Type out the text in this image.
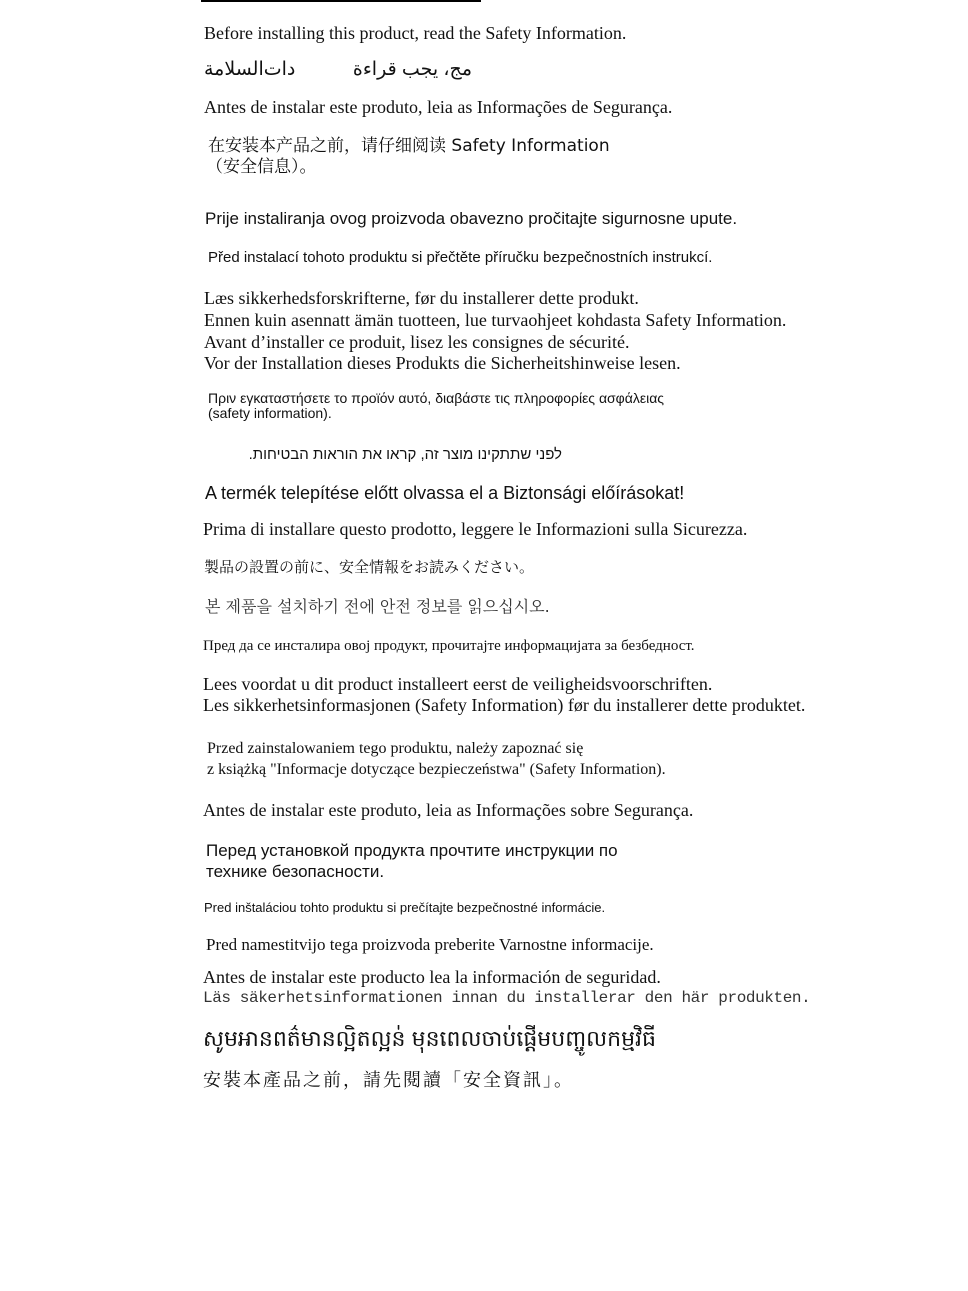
Before installing this product, read the Safety Information.
داتﺍﻟﺴﻼﻣﺔ	مج، يجب قراءة
Antes de instalar este produto, leia as Informações de Segurança.
在安装本产品之前，请仔细阅读 Safety Information
（安全信息）。
Prije instaliranja ovog proizvoda obavezno pročitajte sigurnosne upute.
Před instalací tohoto produktu si přečtěte příručku bezpečnostních instrukcí.
Læs sikkerhedsforskrifterne, før du installerer dette produkt.
Ennen kuin asennatt ämän tuotteen, lue turvaohjeet kohdasta Safety Information.
Avant d’installer ce produit, lisez les consignes de sécurité.
Vor der Installation dieses Produkts die Sicherheitshinweise lesen.
Πριν εγκαταστήσετε το προϊόν αυτό, διαβάστε τις πληροφορίες ασφάλειας
(safety information).
לפני שתתקינו מוצר זה, קראו את הוראות הבטיחות.
A termék telepítése előtt olvassa el a Biztonsági előírásokat!
Prima di installare questo prodotto, leggere le Informazioni sulla Sicurezza.
製品の設置の前に、安全情報をお読みください。
본 제품을 설치하기 전에 안전 정보를 읽으십시오.
Пред да се инсталира овој продукт, прочитајте информацијата за безбедност.
Lees voordat u dit product installeert eerst de veiligheidsvoorschriften.
Les sikkerhetsinformasjonen (Safety Information) før du installerer dette produktet.
Przed zainstalowaniem tego produktu, należy zapoznać się
z książką "Informacje dotyczące bezpieczeństwa" (Safety Information).
Antes de instalar este produto, leia as Informações sobre Segurança.
Перед установкой продукта прочтите инструкции по
технике безопасности.
Pred inštaláciou tohto produktu si prečítajte bezpečnostné informácie.
Pred namestitvijo tega proizvoda preberite Varnostne informacije.
Antes de instalar este producto lea la información de seguridad.
Läs säkerhetsinformationen innan du installerar den här produkten.
សូមអានពត៌មានល្អិតល្អន់ មុនពេលចាប់ផ្តើមបញ្ចូលកម្មវិធី
安裝本產品之前，請先閱讀「安全資訊」。
